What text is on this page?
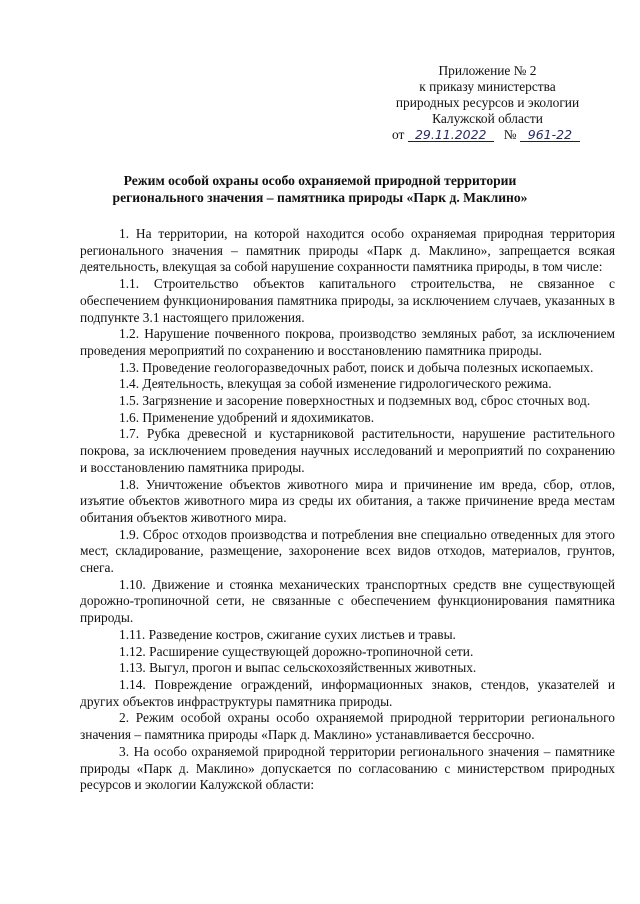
Приложение № 2
к приказу министерства
природных ресурсов и экологии
Калужской области
от 29.11.2022 № 961-22
Режим особой охраны особо охраняемой природной территории
регионального значения – памятника природы «Парк д. Маклино»

1. На территории, на которой находится особо охраняемая природная территория регионального значения – памятник природы «Парк д. Маклино», запрещается всякая деятельность, влекущая за собой нарушение сохранности памятника природы, в том числе:

1.1. Строительство объектов капитального строительства, не связанное с обеспечением функционирования памятника природы, за исключением случаев, указанных в подпункте 3.1 настоящего приложения.

1.2. Нарушение почвенного покрова, производство земляных работ, за исключением проведения мероприятий по сохранению и восстановлению памятника природы.

1.3. Проведение геологоразведочных работ, поиск и добыча полезных ископаемых.

1.4. Деятельность, влекущая за собой изменение гидрологического режима.

1.5. Загрязнение и засорение поверхностных и подземных вод, сброс сточных вод.

1.6. Применение удобрений и ядохимикатов.

1.7. Рубка древесной и кустарниковой растительности, нарушение растительного покрова, за исключением проведения научных исследований и мероприятий по сохранению и восстановлению памятника природы.

1.8. Уничтожение объектов животного мира и причинение им вреда, сбор, отлов, изъятие объектов животного мира из среды их обитания, а также причинение вреда местам обитания объектов животного мира.

1.9. Сброс отходов производства и потребления вне специально отведенных для этого мест, складирование, размещение, захоронение всех видов отходов, материалов, грунтов, снега.

1.10. Движение и стоянка механических транспортных средств вне существующей дорожно-тропиночной сети, не связанные с обеспечением функционирования памятника природы.

1.11. Разведение костров, сжигание сухих листьев и травы.

1.12. Расширение существующей дорожно-тропиночной сети.

1.13. Выгул, прогон и выпас сельскохозяйственных животных.

1.14. Повреждение ограждений, информационных знаков, стендов, указателей и других объектов инфраструктуры памятника природы.

2. Режим особой охраны особо охраняемой природной территории регионального значения – памятника природы «Парк д. Маклино» устанавливается бессрочно.

3. На особо охраняемой природной территории регионального значения – памятнике природы «Парк д. Маклино» допускается по согласованию с министерством природных ресурсов и экологии Калужской области:
